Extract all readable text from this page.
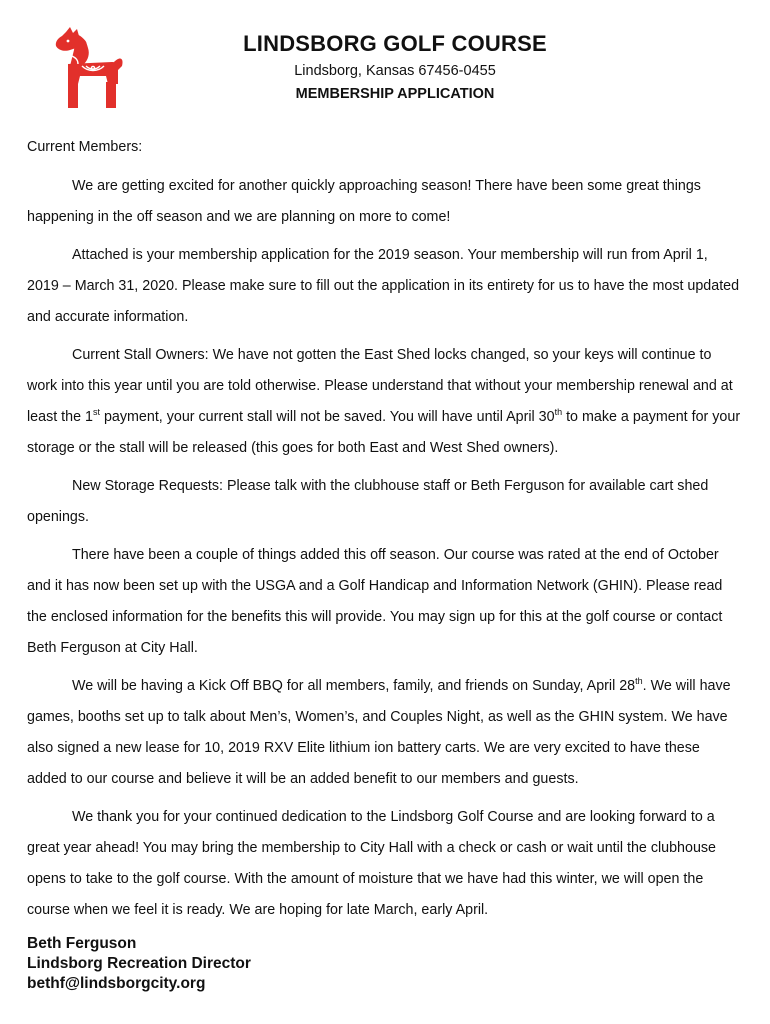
LINDSBORG GOLF COURSE
Lindsborg, Kansas 67456-0455
MEMBERSHIP APPLICATION

Current Members:

We are getting excited for another quickly approaching season! There have been some great things happening in the off season and we are planning on more to come!

Attached is your membership application for the 2019 season. Your membership will run from April 1, 2019 – March 31, 2020. Please make sure to fill out the application in its entirety for us to have the most updated and accurate information.

Current Stall Owners: We have not gotten the East Shed locks changed, so your keys will continue to work into this year until you are told otherwise. Please understand that without your membership renewal and at least the 1st payment, your current stall will not be saved. You will have until April 30th to make a payment for your storage or the stall will be released (this goes for both East and West Shed owners).

New Storage Requests: Please talk with the clubhouse staff or Beth Ferguson for available cart shed openings.

There have been a couple of things added this off season. Our course was rated at the end of October and it has now been set up with the USGA and a Golf Handicap and Information Network (GHIN). Please read the enclosed information for the benefits this will provide. You may sign up for this at the golf course or contact Beth Ferguson at City Hall.

We will be having a Kick Off BBQ for all members, family, and friends on Sunday, April 28th. We will have games, booths set up to talk about Men’s, Women’s, and Couples Night, as well as the GHIN system. We have also signed a new lease for 10, 2019 RXV Elite lithium ion battery carts. We are very excited to have these added to our course and believe it will be an added benefit to our members and guests.

We thank you for your continued dedication to the Lindsborg Golf Course and are looking forward to a great year ahead! You may bring the membership to City Hall with a check or cash or wait until the clubhouse opens to take to the golf course. With the amount of moisture that we have had this winter, we will open the course when we feel it is ready. We are hoping for late March, early April.

Beth Ferguson
Lindsborg Recreation Director
bethf@lindsborgcity.org
